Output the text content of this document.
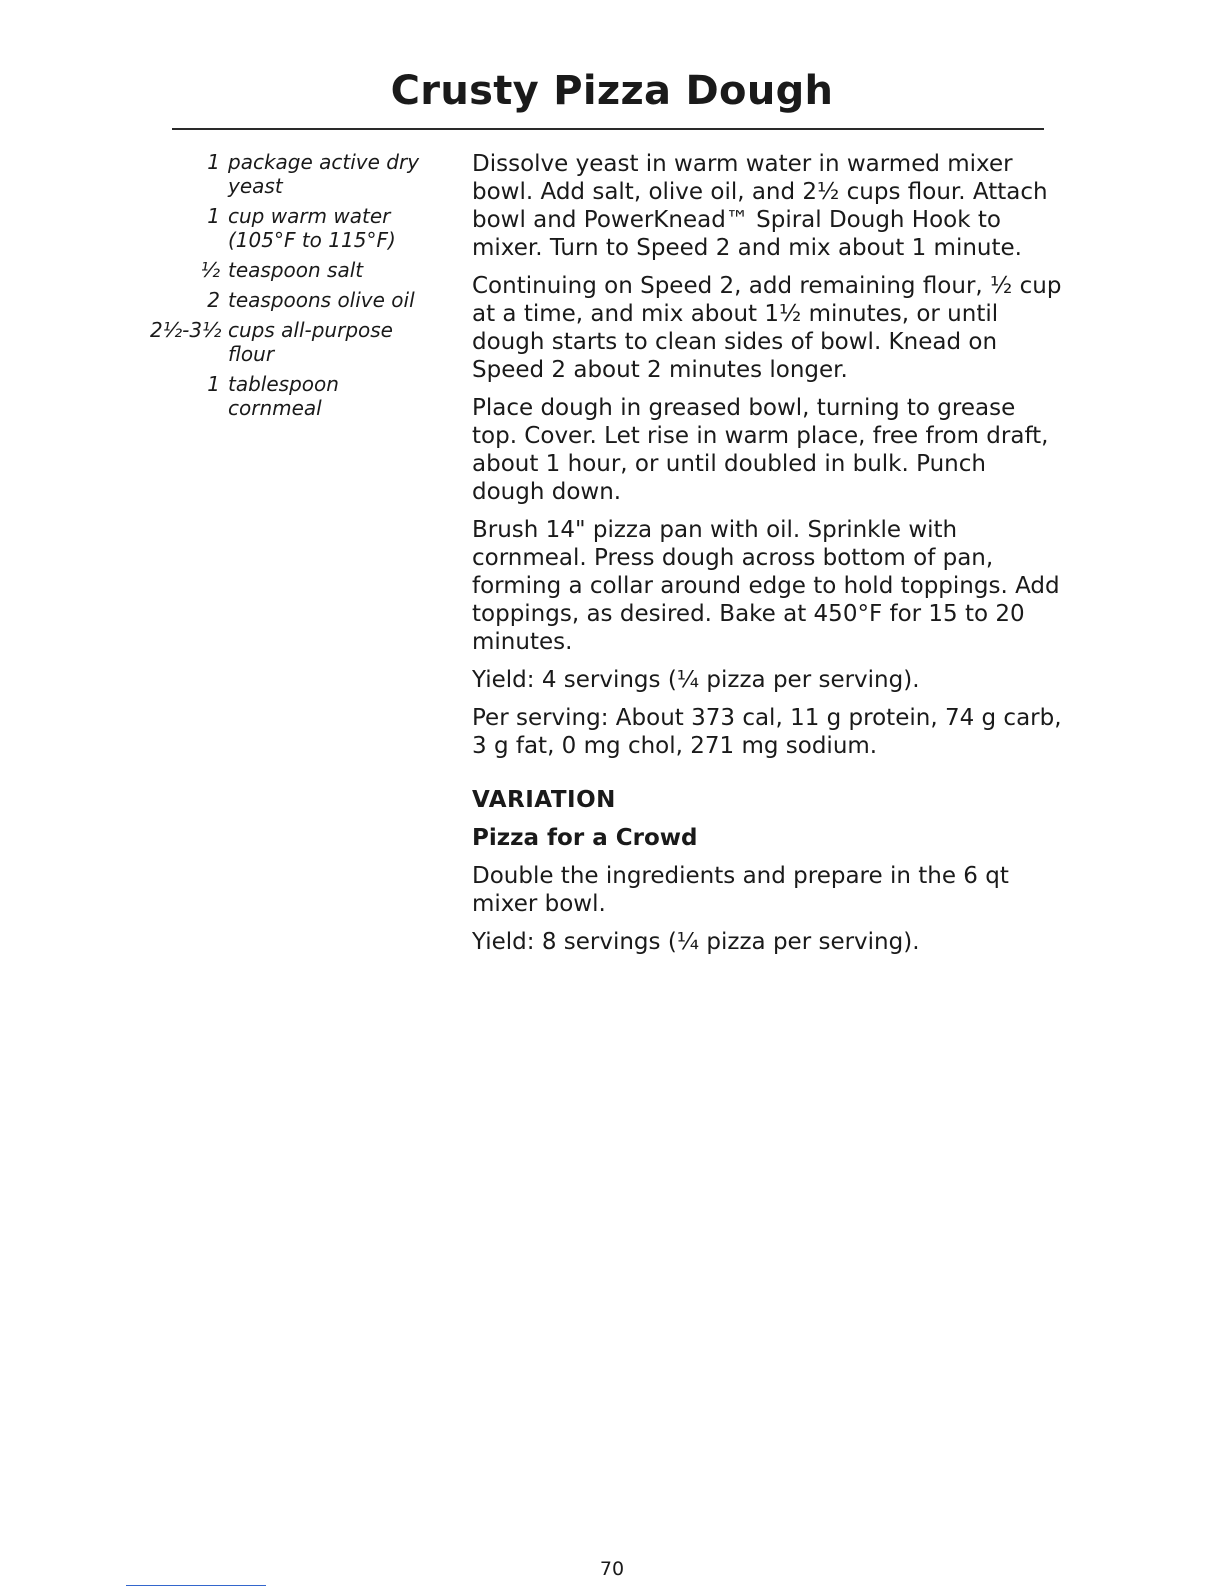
Crusty Pizza Dough
1 package active dry
yeast
1 cup warm water
(105°F to 115°F)
½ teaspoon salt
2 teaspoons olive oil
2½-3½ cups all-purpose
flour
1 tablespoon
cornmeal

Dissolve yeast in warm water in warmed mixer bowl. Add salt, olive oil, and 2½ cups flour. Attach bowl and PowerKnead™ Spiral Dough Hook to mixer. Turn to Speed 2 and mix about 1 minute.

Continuing on Speed 2, add remaining flour, ½ cup at a time, and mix about 1½ minutes, or until dough starts to clean sides of bowl. Knead on Speed 2 about 2 minutes longer.

Place dough in greased bowl, turning to grease top. Cover. Let rise in warm place, free from draft, about 1 hour, or until doubled in bulk. Punch dough down.

Brush 14" pizza pan with oil. Sprinkle with cornmeal. Press dough across bottom of pan, forming a collar around edge to hold toppings. Add toppings, as desired. Bake at 450°F for 15 to 20 minutes.

Yield: 4 servings (¼ pizza per serving).

Per serving: About 373 cal, 11 g protein, 74 g carb, 3 g fat, 0 mg chol, 271 mg sodium.

VARIATION
Pizza for a Crowd

Double the ingredients and prepare in the 6 qt mixer bowl.

Yield: 8 servings (¼ pizza per serving).

70
